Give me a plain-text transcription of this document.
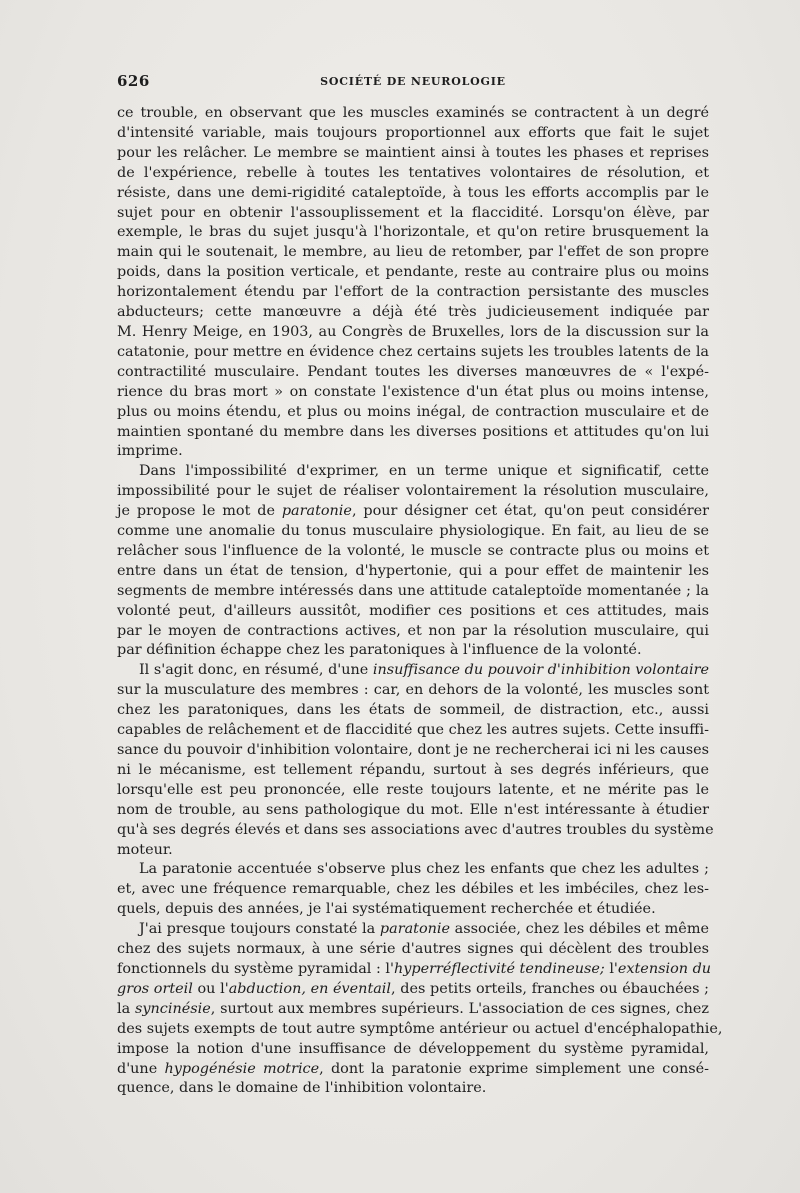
626	SOCIÉTÉ DE NEUROLOGIE
ce trouble, en observant que les muscles examinés se contractent à un degré
d'intensité variable, mais toujours proportionnel aux efforts que fait le sujet
pour les relâcher. Le membre se maintient ainsi à toutes les phases et reprises
de l'expérience, rebelle à toutes les tentatives volontaires de résolution, et
résiste, dans une demi-rigidité cataleptoïde, à tous les efforts accomplis par le
sujet pour en obtenir l'assouplissement et la flaccidité. Lorsqu'on élève, par
exemple, le bras du sujet jusqu'à l'horizontale, et qu'on retire brusquement la
main qui le soutenait, le membre, au lieu de retomber, par l'effet de son propre
poids, dans la position verticale, et pendante, reste au contraire plus ou moins
horizontalement étendu par l'effort de la contraction persistante des muscles
abducteurs; cette manœuvre a déjà été très judicieusement indiquée par
M. Henry Meige, en 1903, au Congrès de Bruxelles, lors de la discussion sur la
catatonie, pour mettre en évidence chez certains sujets les troubles latents de la
contractilité musculaire. Pendant toutes les diverses manœuvres de « l'expé-
rience du bras mort » on constate l'existence d'un état plus ou moins intense,
plus ou moins étendu, et plus ou moins inégal, de contraction musculaire et de
maintien spontané du membre dans les diverses positions et attitudes qu'on lui
imprime.
Dans l'impossibilité d'exprimer, en un terme unique et significatif, cette
impossibilité pour le sujet de réaliser volontairement la résolution musculaire,
je propose le mot de paratonie, pour désigner cet état, qu'on peut considérer
comme une anomalie du tonus musculaire physiologique. En fait, au lieu de se
relâcher sous l'influence de la volonté, le muscle se contracte plus ou moins et
entre dans un état de tension, d'hypertonie, qui a pour effet de maintenir les
segments de membre intéressés dans une attitude cataleptoïde momentanée ; la
volonté peut, d'ailleurs aussitôt, modifier ces positions et ces attitudes, mais
par le moyen de contractions actives, et non par la résolution musculaire, qui
par définition échappe chez les paratoniques à l'influence de la volonté.
Il s'agit donc, en résumé, d'une insuffisance du pouvoir d'inhibition volontaire
sur la musculature des membres : car, en dehors de la volonté, les muscles sont
chez les paratoniques, dans les états de sommeil, de distraction, etc., aussi
capables de relâchement et de flaccidité que chez les autres sujets. Cette insuffi-
sance du pouvoir d'inhibition volontaire, dont je ne rechercherai ici ni les causes
ni le mécanisme, est tellement répandu, surtout à ses degrés inférieurs, que
lorsqu'elle est peu prononcée, elle reste toujours latente, et ne mérite pas le
nom de trouble, au sens pathologique du mot. Elle n'est intéressante à étudier
qu'à ses degrés élevés et dans ses associations avec d'autres troubles du système
moteur.
La paratonie accentuée s'observe plus chez les enfants que chez les adultes ;
et, avec une fréquence remarquable, chez les débiles et les imbéciles, chez les-
quels, depuis des années, je l'ai systématiquement recherchée et étudiée.
J'ai presque toujours constaté la paratonie associée, chez les débiles et même
chez des sujets normaux, à une série d'autres signes qui décèlent des troubles
fonctionnels du système pyramidal : l'hyperréflectivité tendineuse; l'extension du
gros orteil ou l'abduction, en éventail, des petits orteils, franches ou ébauchées ;
la syncinésie, surtout aux membres supérieurs. L'association de ces signes, chez
des sujets exempts de tout autre symptôme antérieur ou actuel d'encéphalopathie,
impose la notion d'une insuffisance de développement du système pyramidal,
d'une hypogénésie motrice, dont la paratonie exprime simplement une consé-
quence, dans le domaine de l'inhibition volontaire.
